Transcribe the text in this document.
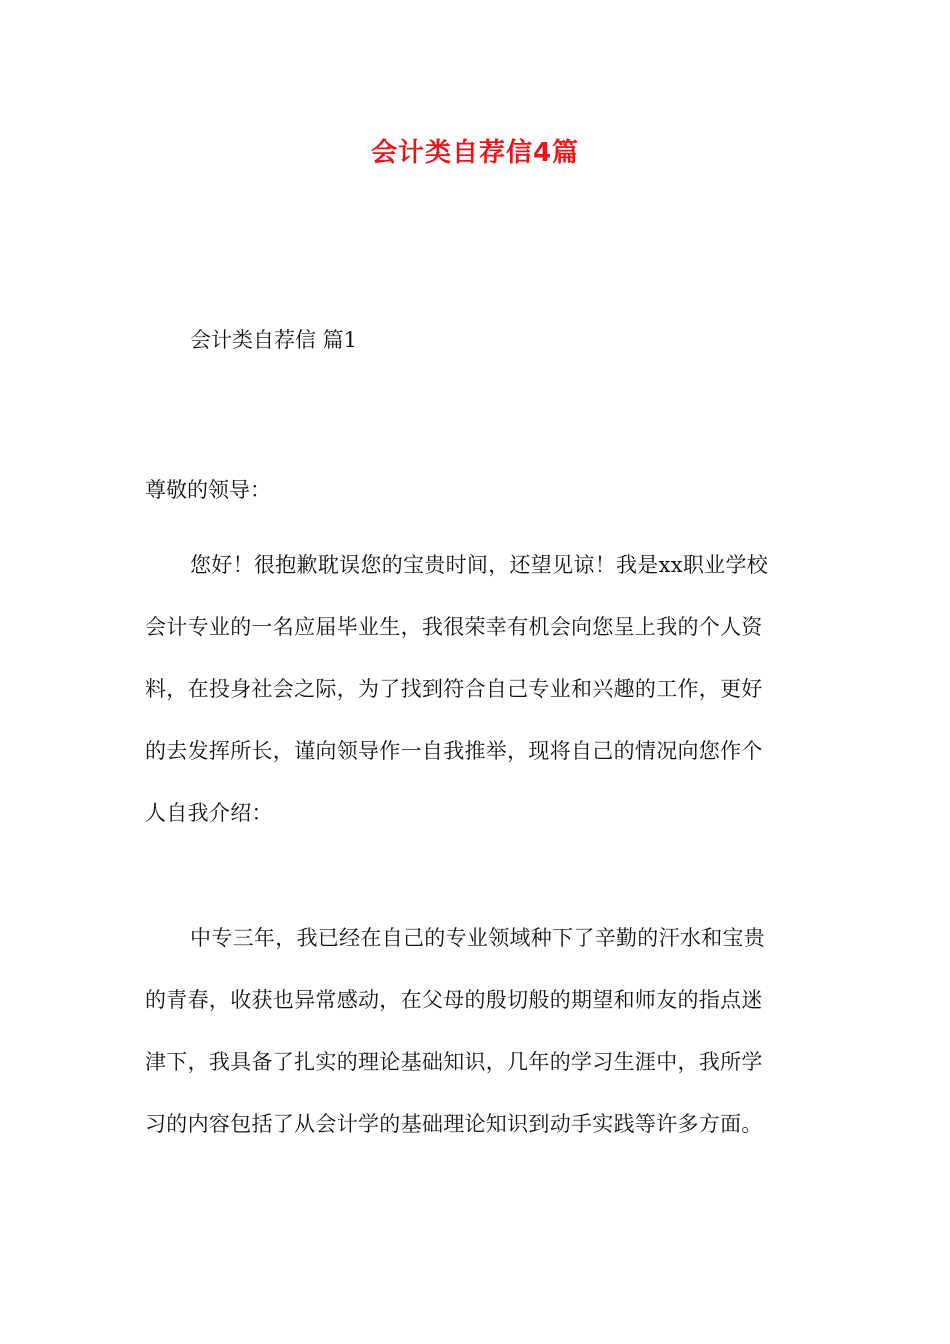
会计类自荐信4篇
会计类自荐信 篇1
尊敬的领导：
您好！很抱歉耽误您的宝贵时间，还望见谅！我是xx职业学校
会计专业的一名应届毕业生，我很荣幸有机会向您呈上我的个人资
料，在投身社会之际，为了找到符合自己专业和兴趣的工作，更好
的去发挥所长，谨向领导作一自我推举，现将自己的情况向您作个
人自我介绍：
中专三年，我已经在自己的专业领域种下了辛勤的汗水和宝贵
的青春，收获也异常感动，在父母的殷切般的期望和师友的指点迷
津下，我具备了扎实的理论基础知识，几年的学习生涯中，我所学
习的内容包括了从会计学的基础理论知识到动手实践等许多方面。
